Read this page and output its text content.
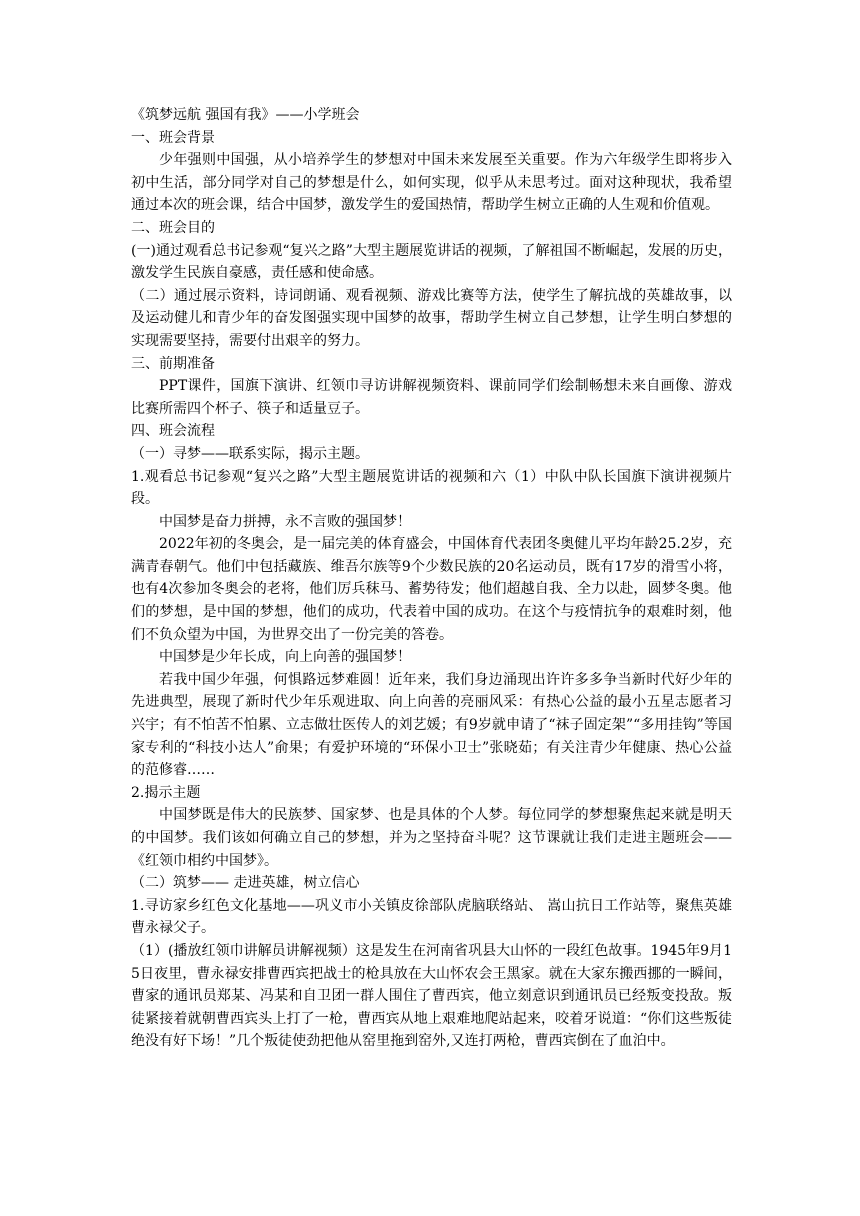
《筑梦远航 强国有我》——小学班会

一、班会背景

少年强则中国强，从小培养学生的梦想对中国未来发展至关重要。作为六年级学生即将步入初中生活，部分同学对自己的梦想是什么，如何实现，似乎从未思考过。面对这种现状，我希望通过本次的班会课，结合中国梦，激发学生的爱国热情，帮助学生树立正确的人生观和价值观。

二、班会目的

(一)通过观看总书记参观“复兴之路”大型主题展览讲话的视频，了解祖国不断崛起，发展的历史，激发学生民族自豪感，责任感和使命感。

（二）通过展示资料，诗词朗诵、观看视频、游戏比赛等方法，使学生了解抗战的英雄故事，以及运动健儿和青少年的奋发图强实现中国梦的故事，帮助学生树立自己梦想，让学生明白梦想的实现需要坚持，需要付出艰辛的努力。

三、前期准备

PPT课件，国旗下演讲、红领巾寻访讲解视频资料、课前同学们绘制畅想未来自画像、游戏比赛所需四个杯子、筷子和适量豆子。

四、班会流程

（一）寻梦——联系实际，揭示主题。

1.观看总书记参观“复兴之路”大型主题展览讲话的视频和六（1）中队中队长国旗下演讲视频片段。

中国梦是奋力拼搏，永不言败的强国梦！

2022年初的冬奥会，是一届完美的体育盛会，中国体育代表团冬奥健儿平均年龄25.2岁，充满青春朝气。他们中包括藏族、维吾尔族等9个少数民族的20名运动员，既有17岁的滑雪小将，也有4次参加冬奥会的老将，他们厉兵秣马、蓄势待发；他们超越自我、全力以赴，圆梦冬奥。他们的梦想，是中国的梦想，他们的成功，代表着中国的成功。在这个与疫情抗争的艰难时刻，他们不负众望为中国，为世界交出了一份完美的答卷。

中国梦是少年长成，向上向善的强国梦！

若我中国少年强，何惧路远梦难圆！近年来，我们身边涌现出许许多多争当新时代好少年的先进典型，展现了新时代少年乐观进取、向上向善的亮丽风采：有热心公益的最小五星志愿者习兴宇；有不怕苦不怕累、立志做壮医传人的刘艺媛；有9岁就申请了“袜子固定架”“多用挂钩”等国家专利的“科技小达人”俞果；有爱护环境的“环保小卫士”张晓茹；有关注青少年健康、热心公益的范修睿……

2.揭示主题

中国梦既是伟大的民族梦、国家梦、也是具体的个人梦。每位同学的梦想聚焦起来就是明天的中国梦。我们该如何确立自己的梦想，并为之坚持奋斗呢？这节课就让我们走进主题班会——《红领巾相约中国梦》。

（二）筑梦—— 走进英雄，树立信心

1.寻访家乡红色文化基地——巩义市小关镇皮徐部队虎脑联络站、 嵩山抗日工作站等，聚焦英雄曹永禄父子。

（1）(播放红领巾讲解员讲解视频）这是发生在河南省巩县大山怀的一段红色故事。1945年9月15日夜里，曹永禄安排曹西宾把战士的枪具放在大山怀农会王黑家。就在大家东搬西挪的一瞬间，曹家的通讯员郑某、冯某和自卫团一群人围住了曹西宾，他立刻意识到通讯员已经叛变投敌。叛徒紧接着就朝曹西宾头上打了一枪，曹西宾从地上艰难地爬站起来，咬着牙说道：“你们这些叛徒绝没有好下场！”几个叛徒使劲把他从窑里拖到窑外,又连打两枪，曹西宾倒在了血泊中。
